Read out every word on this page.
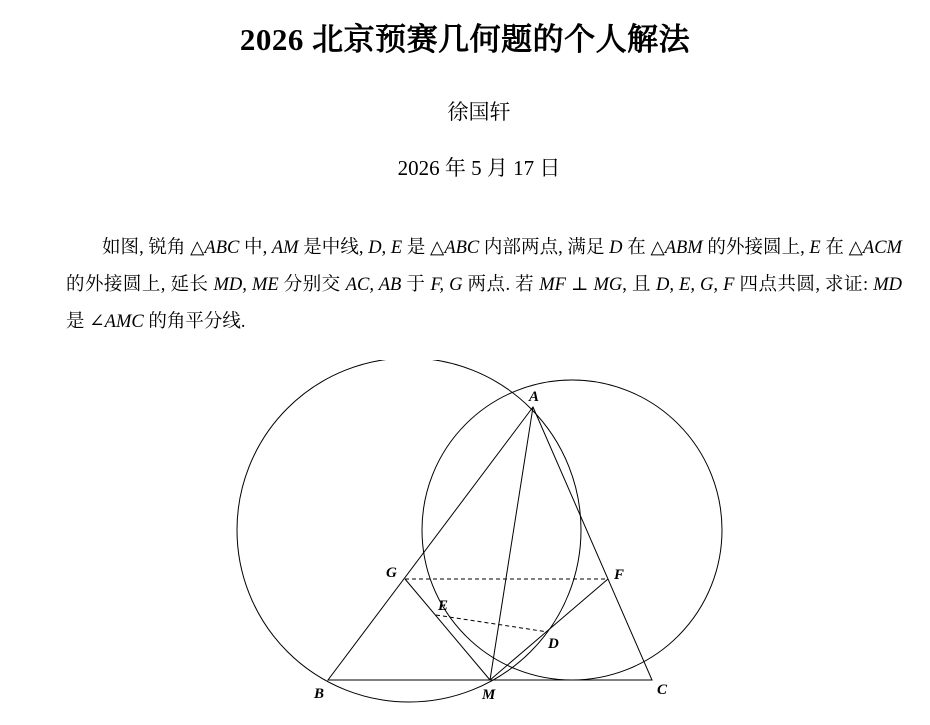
2026 北京预赛几何题的个人解法
徐国轩
2026 年 5 月 17 日

如图, 锐角 △ABC 中, AM 是中线, D, E 是 △ABC 内部两点, 满足 D 在 △ABM 的外接圆上, E 在 △ACM 的外接圆上, 延长 MD, ME 分别交 AC, AB 于 F, G 两点. 若 MF ⊥ MG, 且 D, E, G, F 四点共圆, 求证: MD 是 ∠AMC 的角平分线.

A
B	C
M
D
E
F
G
